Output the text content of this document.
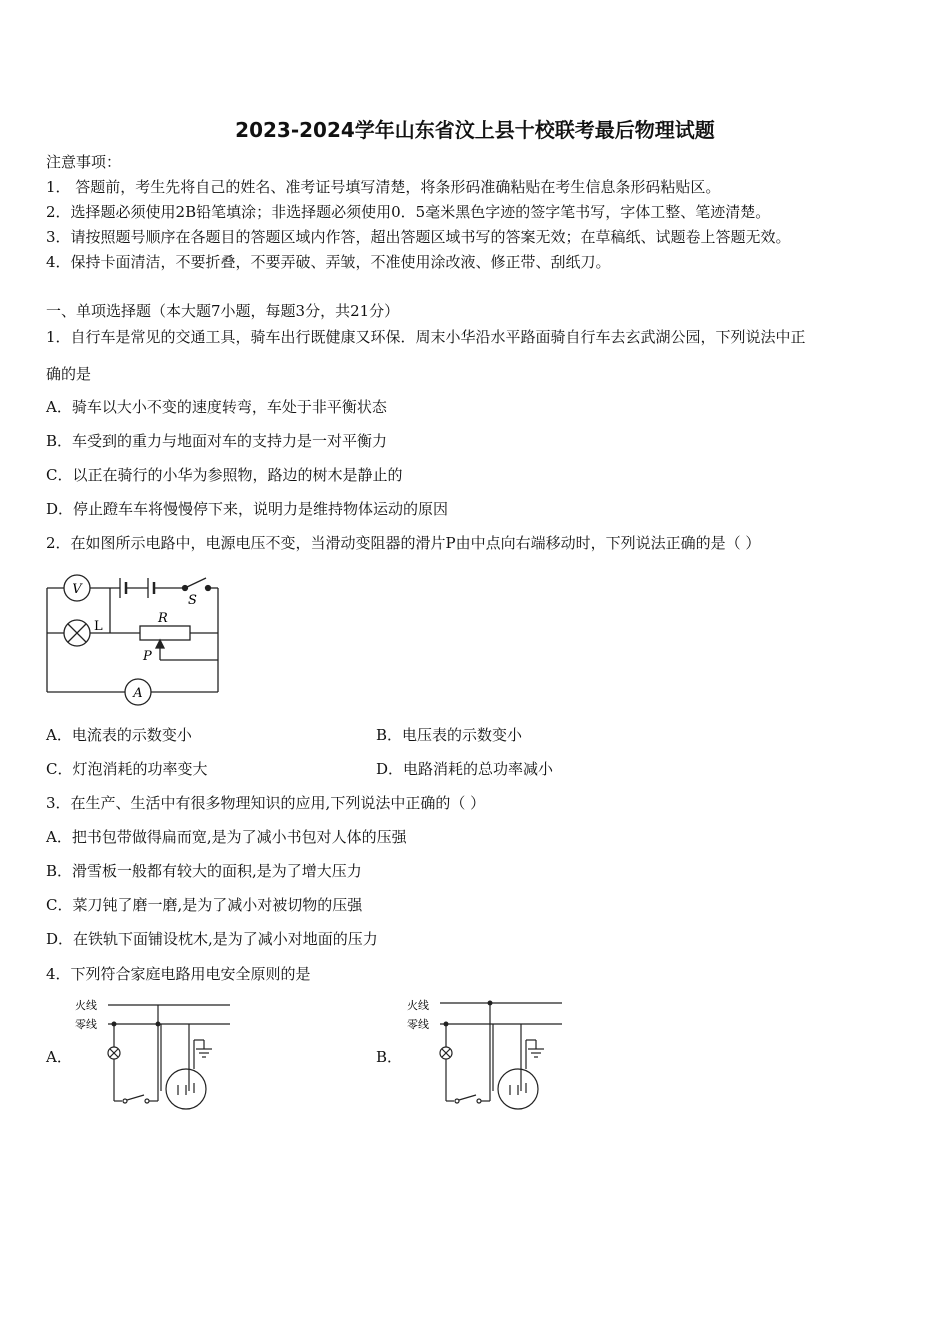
2023-2024学年山东省汶上县十校联考最后物理试题
注意事项：
1． 答题前，考生先将自己的姓名、准考证号填写清楚，将条形码准确粘贴在考生信息条形码粘贴区。
2．选择题必须使用2B铅笔填涂；非选择题必须使用0．5毫米黑色字迹的签字笔书写，字体工整、笔迹清楚。
3．请按照题号顺序在各题目的答题区域内作答，超出答题区域书写的答案无效；在草稿纸、试题卷上答题无效。
4．保持卡面清洁，不要折叠，不要弄破、弄皱，不准使用涂改液、修正带、刮纸刀。
一、单项选择题（本大题7小题，每题3分，共21分）
1．自行车是常见的交通工具，骑车出行既健康又环保．周末小华沿水平路面骑自行车去玄武湖公园，下列说法中正
确的是
A．骑车以大小不变的速度转弯，车处于非平衡状态
B．车受到的重力与地面对车的支持力是一对平衡力
C．以正在骑行的小华为参照物，路边的树木是静止的
D．停止蹬车车将慢慢停下来，说明力是维持物体运动的原因
2．在如图所示电路中，电源电压不变，当滑动变阻器的滑片P由中点向右端移动时，下列说法正确的是（ ）
V
L
S
R
P
A
A．电流表的示数变小	B．电压表的示数变小
C．灯泡消耗的功率变大	D．电路消耗的总功率减小
3．在生产、生活中有很多物理知识的应用,下列说法中正确的（ ）
A．把书包带做得扁而宽,是为了减小书包对人体的压强
B．滑雪板一般都有较大的面积,是为了增大压力
C．菜刀钝了磨一磨,是为了减小对被切物的压强
D．在铁轨下面铺设枕木,是为了减小对地面的压力
4．下列符合家庭电路用电安全原则的是
A．	B．
火线
零线
火线
零线
